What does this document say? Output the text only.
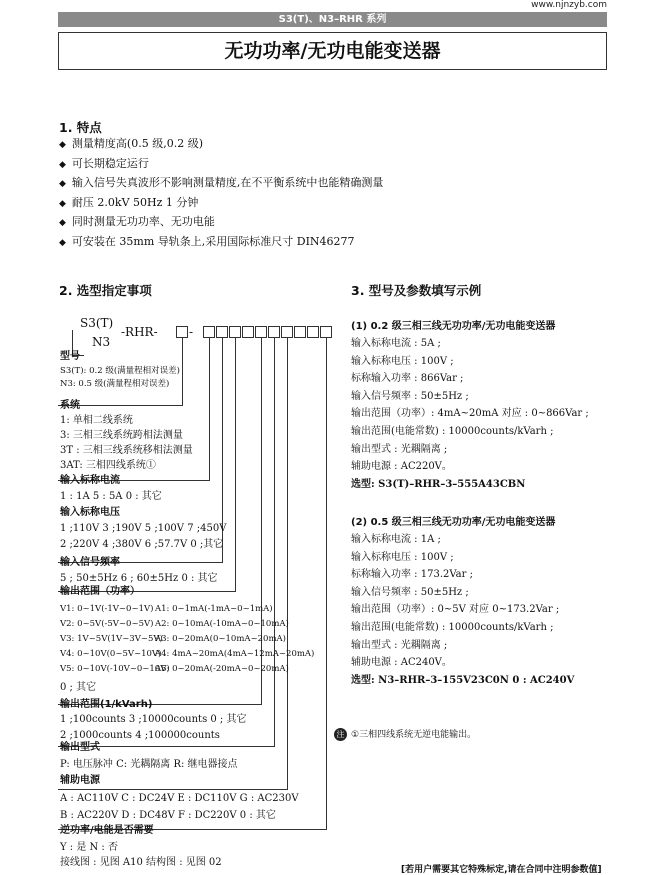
www.njnzyb.com
S3(T)、N3–RHR 系列
无功功率/无功电能变送器
1. 特点
◆ 测量精度高(0.5 级,0.2 级)
◆ 可长期稳定运行
◆ 输入信号失真波形不影响测量精度,在不平衡系统中也能精确测量
◆ 耐压 2.0kV 50Hz 1 分钟
◆ 同时测量无功功率、无功电能
◆ 可安装在 35mm 导轨条上,采用国际标准尺寸 DIN46277
2. 选型指定事项
S3(T)
N3
-RHR-	-
型号
S3(T): 0.2 级(满量程相对误差)
N3: 0.5 级(满量程相对误差)
系统
1: 单相二线系统
3: 三相三线系统跨相法测量
3T : 三相三线系统移相法测量
3AT: 三相四线系统①
输入标称电流
1 : 1A 5 : 5A 0 : 其它
输入标称电压
1 ;110V 3 ;190V 5 ;100V 7 ;450V
2 ;220V 4 ;380V 6 ;57.7V 0 ;其它
输入信号频率
5 ; 50±5Hz 6 ; 60±5Hz 0 : 其它
输出范围（功率）
V1: 0~1V(-1V~0~1V)
V2: 0~5V(-5V~0~5V)
V3: 1V~5V(1V~3V~5V)
V4: 0~10V(0~5V~10V)
V5: 0~10V(-10V~0~10V)
A1: 0~1mA(-1mA~0~1mA)
A2: 0~10mA(-10mA~0~10mA)
A3: 0~20mA(0~10mA~20mA)
A4: 4mA~20mA(4mA~12mA~20mA)
A5: 0~20mA(-20mA~0~20mA)
0 ; 其它
输出范围(1/kVarh)
1 ;100counts 3 ;10000counts 0 ; 其它
2 ;1000counts 4 ;100000counts
输出型式
P: 电压脉冲 C: 光耦隔离 R: 继电器接点
辅助电源
A : AC110V C : DC24V E : DC110V G : AC230V
B : AC220V D : DC48V F : DC220V 0 : 其它
逆功率/电能是否需要
Y : 是 N : 否
接线图 : 见图 A10 结构图 : 见图 02
3. 型号及参数填写示例
(1) 0.2 级三相三线无功功率/无功电能变送器
输入标称电流 : 5A ;
输入标称电压 : 100V ;
标称输入功率 : 866Var ;
输入信号频率 : 50±5Hz ;
输出范围（功率）: 4mA~20mA 对应 : 0~866Var ;
输出范围(电能常数) : 10000counts/kVarh ;
输出型式 : 光耦隔离 ;
辅助电源 : AC220V。
选型: S3(T)–RHR–3–555A43CBN
(2) 0.5 级三相三线无功功率/无功电能变送器
输入标称电流 : 1A ;
输入标称电压 : 100V ;
标称输入功率 : 173.2Var ;
输入信号频率 : 50±5Hz ;
输出范围（功率）: 0~5V 对应 0~173.2Var ;
输出范围(电能常数) : 10000counts/kVarh ;
输出型式 : 光耦隔离 ;
辅助电源 : AC240V。
选型: N3–RHR–3–155V23C0N 0 : AC240V
注 ①三相四线系统无逆电能输出。
[若用户需要其它特殊标定,请在合同中注明参数值]
